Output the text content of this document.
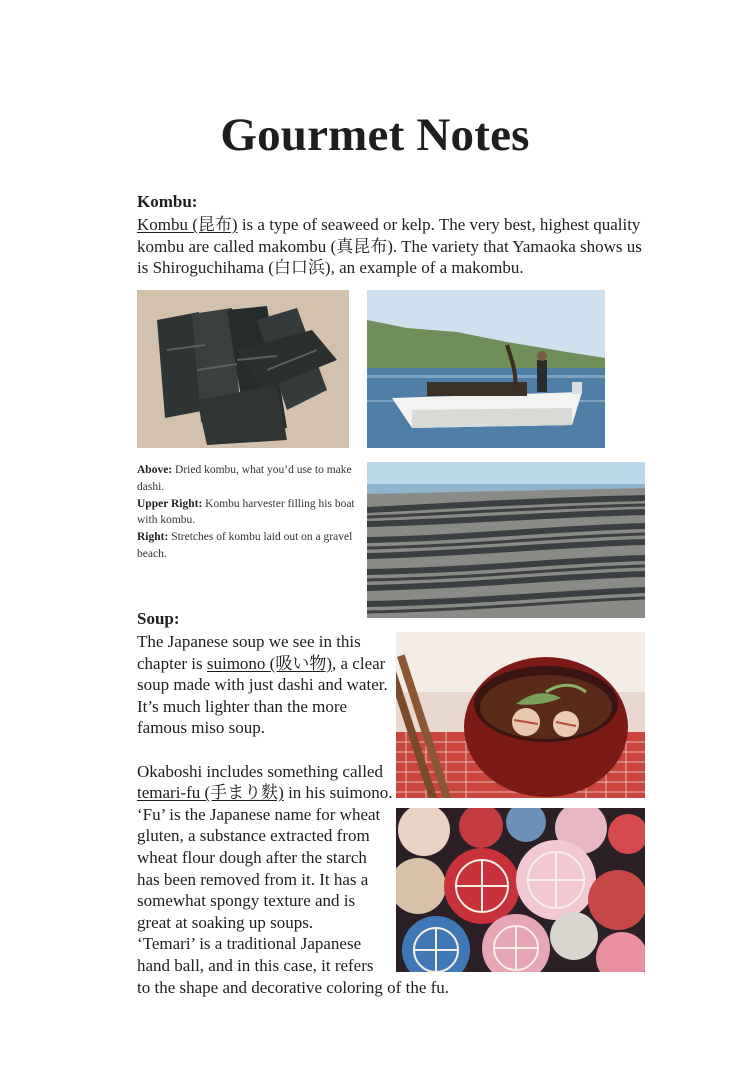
Gourmet Notes
Kombu:
Kombu (昆布) is a type of seaweed or kelp. The very best, highest quality
kombu are called makombu (真昆布). The variety that Yamaoka shows us
is Shiroguchihama (白口浜), an example of a makombu.
Above: Dried kombu, what you’d use to make dashi.
Upper Right: Kombu harvester filling his boat with kombu.
Right: Stretches of kombu laid out on a gravel beach.
Soup:
The Japanese soup we see in this
chapter is suimono (吸い物), a clear
soup made with just dashi and water.
It’s much lighter than the more
famous miso soup.
Okaboshi includes something called
temari-fu (手まり麩) in his suimono.
‘Fu’ is the Japanese name for wheat
gluten, a substance extracted from
wheat flour dough after the starch
has been removed from it. It has a
somewhat spongy texture and is
great at soaking up soups.
‘Temari’ is a traditional Japanese
hand ball, and in this case, it refers
to the shape and decorative coloring of the fu.
